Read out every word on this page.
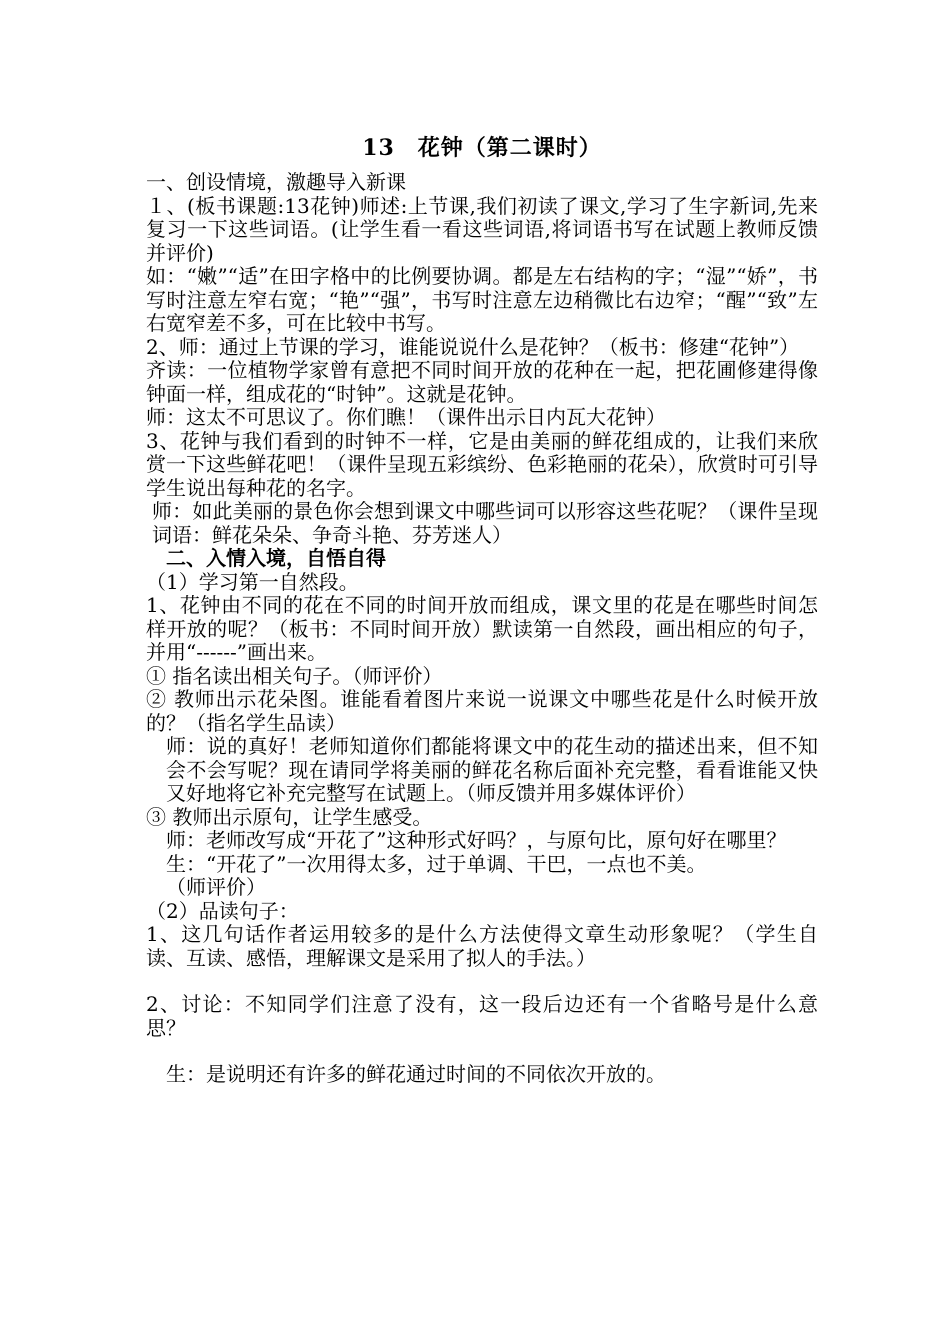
13　花钟（第二课时）
一、创设情境，激趣导入新课
１、(板书课题:13花钟)师述:上节课,我们初读了课文,学习了生字新词,先来复习一下这些词语。(让学生看一看这些词语,将词语书写在试题上教师反馈并评价)
如：“嫩”“适”在田字格中的比例要协调。都是左右结构的字；“湿”“娇”，书写时注意左窄右宽；“艳”“强”，书写时注意左边稍微比右边窄；“醒”“致”左右宽窄差不多，可在比较中书写。
2、师：通过上节课的学习，谁能说说什么是花钟？（板书：修建“花钟”）
齐读：一位植物学家曾有意把不同时间开放的花种在一起，把花圃修建得像钟面一样，组成花的“时钟”。这就是花钟。
师：这太不可思议了。你们瞧！（课件出示日内瓦大花钟）
3、花钟与我们看到的时钟不一样，它是由美丽的鲜花组成的，让我们来欣赏一下这些鲜花吧！（课件呈现五彩缤纷、色彩艳丽的花朵），欣赏时可引导学生说出每种花的名字。
师：如此美丽的景色你会想到课文中哪些词可以形容这些花呢？（课件呈现词语：鲜花朵朵、争奇斗艳、芬芳迷人）
二、入情入境，自悟自得
（1）学习第一自然段。
1、花钟由不同的花在不同的时间开放而组成，课文里的花是在哪些时间怎样开放的呢？（板书：不同时间开放）默读第一自然段，画出相应的句子，并用“------”画出来。
① 指名读出相关句子。（师评价）
② 教师出示花朵图。谁能看着图片来说一说课文中哪些花是什么时候开放的？（指名学生品读）
师：说的真好！老师知道你们都能将课文中的花生动的描述出来，但不知会不会写呢？现在请同学将美丽的鲜花名称后面补充完整，看看谁能又快又好地将它补充完整写在试题上。（师反馈并用多媒体评价）
③ 教师出示原句，让学生感受。
师：老师改写成“开花了”这种形式好吗？，与原句比，原句好在哪里？
生：“开花了”一次用得太多，过于单调、干巴，一点也不美。
（师评价）
（2）品读句子：
1、这几句话作者运用较多的是什么方法使得文章生动形象呢？（学生自读、互读、感悟，理解课文是采用了拟人的手法。）
2、讨论：不知同学们注意了没有，这一段后边还有一个省略号是什么意思？
生：是说明还有许多的鲜花通过时间的不同依次开放的。
